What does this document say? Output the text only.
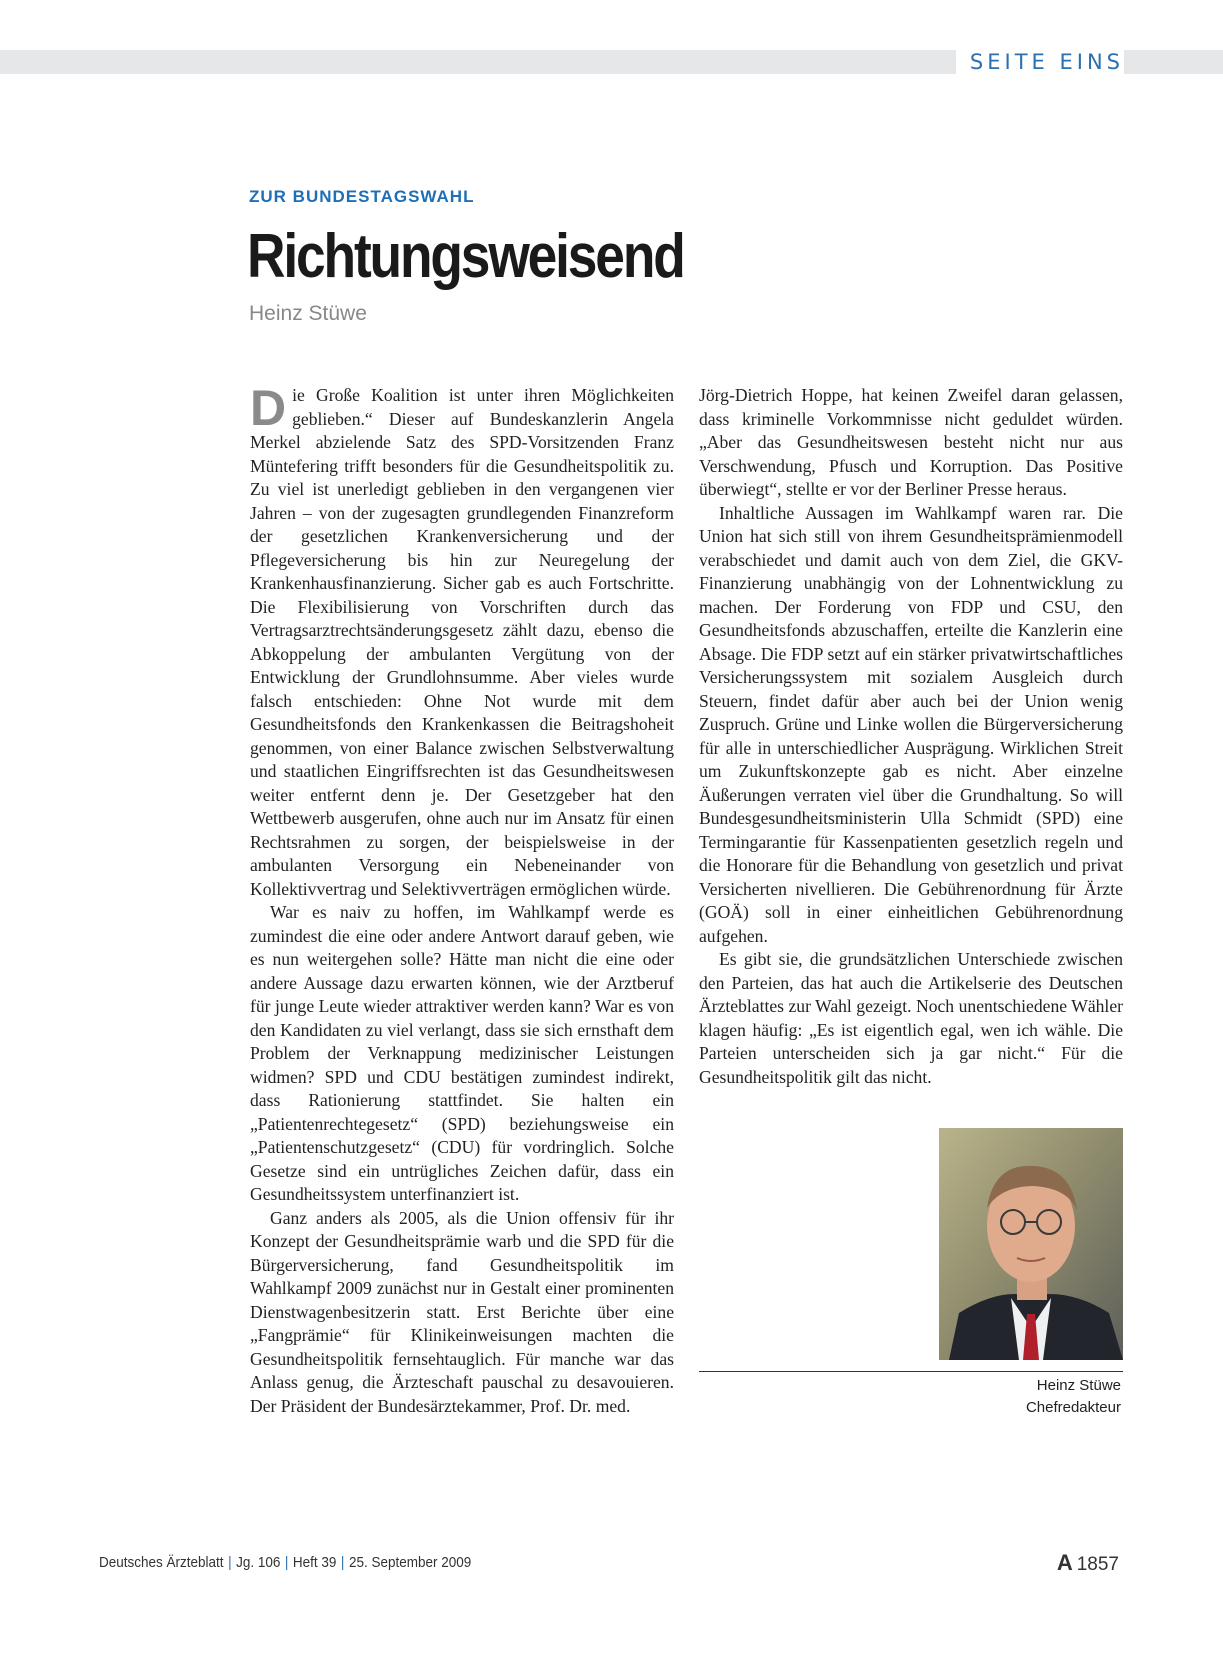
SEITE EINS
ZUR BUNDESTAGSWAHL
Richtungsweisend
Heinz Stüwe

Die Große Koalition ist unter ihren Möglichkeiten geblieben.“ Dieser auf Bundeskanzlerin Angela Merkel abzielende Satz des SPD-Vorsitzenden Franz Müntefering trifft besonders für die Gesundheitspolitik zu. Zu viel ist unerledigt geblieben in den vergangenen vier Jahren – von der zugesagten grundlegenden Finanzreform der gesetzlichen Krankenversicherung und der Pflegeversicherung bis hin zur Neuregelung der Krankenhausfinanzierung. Sicher gab es auch Fortschritte. Die Flexibilisierung von Vorschriften durch das Vertragsarztrechtsänderungsgesetz zählt dazu, ebenso die Abkoppelung der ambulanten Vergütung von der Entwicklung der Grundlohnsumme. Aber vieles wurde falsch entschieden: Ohne Not wurde mit dem Gesundheitsfonds den Krankenkassen die Beitragshoheit genommen, von einer Balance zwischen Selbstverwaltung und staatlichen Eingriffsrechten ist das Gesundheitswesen weiter entfernt denn je. Der Gesetzgeber hat den Wettbewerb ausgerufen, ohne auch nur im Ansatz für einen Rechtsrahmen zu sorgen, der beispielsweise in der ambulanten Versorgung ein Nebeneinander von Kollektivvertrag und Selektivverträgen ermöglichen würde.

War es naiv zu hoffen, im Wahlkampf werde es zumindest die eine oder andere Antwort darauf geben, wie es nun weitergehen solle? Hätte man nicht die eine oder andere Aussage dazu erwarten können, wie der Arztberuf für junge Leute wieder attraktiver werden kann? War es von den Kandidaten zu viel verlangt, dass sie sich ernsthaft dem Problem der Verknappung medizinischer Leistungen widmen? SPD und CDU bestätigen zumindest indirekt, dass Rationierung stattfindet. Sie halten ein „Patientenrechtegesetz“ (SPD) beziehungsweise ein „Patientenschutzgesetz“ (CDU) für vordringlich. Solche Gesetze sind ein untrügliches Zeichen dafür, dass ein Gesundheitssystem unterfinanziert ist.

Ganz anders als 2005, als die Union offensiv für ihr Konzept der Gesundheitsprämie warb und die SPD für die Bürgerversicherung, fand Gesundheitspolitik im Wahlkampf 2009 zunächst nur in Gestalt einer prominenten Dienstwagenbesitzerin statt. Erst Berichte über eine „Fangprämie“ für Klinikeinweisungen machten die Gesundheitspolitik fernsehtauglich. Für manche war das Anlass genug, die Ärzteschaft pauschal zu desavouieren. Der Präsident der Bundesärztekammer, Prof. Dr. med.

Jörg-Dietrich Hoppe, hat keinen Zweifel daran gelassen, dass kriminelle Vorkommnisse nicht geduldet würden. „Aber das Gesundheitswesen besteht nicht nur aus Verschwendung, Pfusch und Korruption. Das Positive überwiegt“, stellte er vor der Berliner Presse heraus.

Inhaltliche Aussagen im Wahlkampf waren rar. Die Union hat sich still von ihrem Gesundheitsprämienmodell verabschiedet und damit auch von dem Ziel, die GKV-Finanzierung unabhängig von der Lohnentwicklung zu machen. Der Forderung von FDP und CSU, den Gesundheitsfonds abzuschaffen, erteilte die Kanzlerin eine Absage. Die FDP setzt auf ein stärker privatwirtschaftliches Versicherungssystem mit sozialem Ausgleich durch Steuern, findet dafür aber auch bei der Union wenig Zuspruch. Grüne und Linke wollen die Bürgerversicherung für alle in unterschiedlicher Ausprägung. Wirklichen Streit um Zukunftskonzepte gab es nicht. Aber einzelne Äußerungen verraten viel über die Grundhaltung. So will Bundesgesundheitsministerin Ulla Schmidt (SPD) eine Termingarantie für Kassenpatienten gesetzlich regeln und die Honorare für die Behandlung von gesetzlich und privat Versicherten nivellieren. Die Gebührenordnung für Ärzte (GOÄ) soll in einer einheitlichen Gebührenordnung aufgehen.

Es gibt sie, die grundsätzlichen Unterschiede zwischen den Parteien, das hat auch die Artikelserie des Deutschen Ärzteblattes zur Wahl gezeigt. Noch unentschiedene Wähler klagen häufig: „Es ist eigentlich egal, wen ich wähle. Die Parteien unterscheiden sich ja gar nicht.“ Für die Gesundheitspolitik gilt das nicht.

Heinz Stüwe
Chefredakteur
Deutsches Ärzteblatt | Jg. 106 | Heft 39 | 25. September 2009	A 1857
